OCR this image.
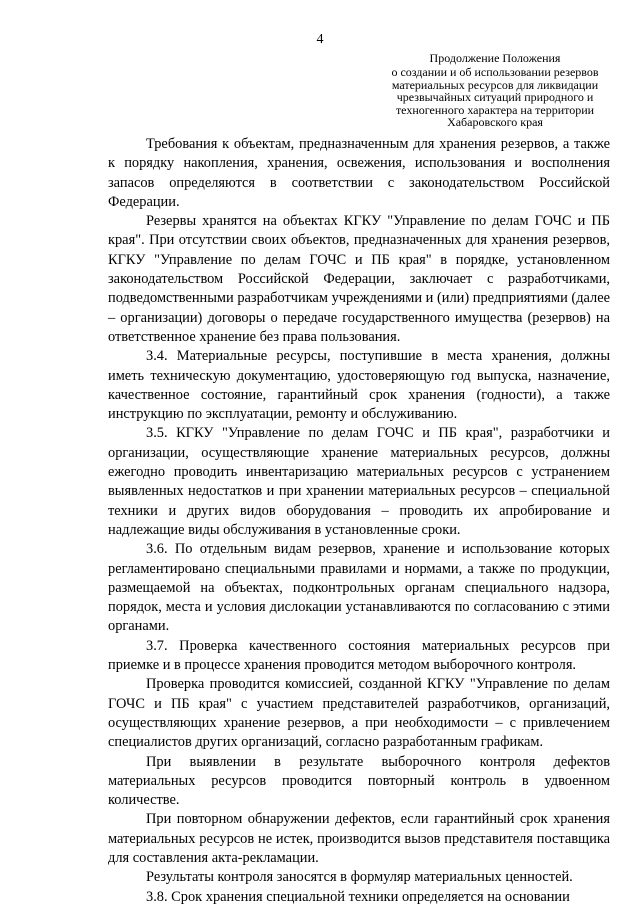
4
Продолжение Положения
о создании и об использовании резервов
материальных ресурсов для ликвидации
чрезвычайных ситуаций природного и
техногенного характера на территории
Хабаровского края

Требования к объектам, предназначенным для хранения резервов, а также к порядку накопления, хранения, освежения, использования и восполнения запасов определяются в соответствии с законодательством Российской Федерации.

Резервы хранятся на объектах КГКУ "Управление по делам ГОЧС и ПБ края". При отсутствии своих объектов, предназначенных для хранения резервов, КГКУ "Управление по делам ГОЧС и ПБ края" в порядке, установленном законодательством Российской Федерации, заключает с разработчиками, подведомственными разработчикам учреждениями и (или) предприятиями (далее – организации) договоры о передаче государственного имущества (резервов) на ответственное хранение без права пользования.

3.4. Материальные ресурсы, поступившие в места хранения, должны иметь техническую документацию, удостоверяющую год выпуска, назначение, качественное состояние, гарантийный срок хранения (годности), а также инструкцию по эксплуатации, ремонту и обслуживанию.

3.5. КГКУ "Управление по делам ГОЧС и ПБ края", разработчики и организации, осуществляющие хранение материальных ресурсов, должны ежегодно проводить инвентаризацию материальных ресурсов с устранением выявленных недостатков и при хранении материальных ресурсов – специальной техники и других видов оборудования – проводить их апробирование и надлежащие виды обслуживания в установленные сроки.

3.6. По отдельным видам резервов, хранение и использование которых регламентировано специальными правилами и нормами, а также по продукции, размещаемой на объектах, подконтрольных органам специального надзора, порядок, места и условия дислокации устанавливаются по согласованию с этими органами.

3.7. Проверка качественного состояния материальных ресурсов при приемке и в процессе хранения проводится методом выборочного контроля.

Проверка проводится комиссией, созданной КГКУ "Управление по делам ГОЧС и ПБ края" с участием представителей разработчиков, организаций, осуществляющих хранение резервов, а при необходимости – с привлечением специалистов других организаций, согласно разработанным графикам.

При выявлении в результате выборочного контроля дефектов материальных ресурсов проводится повторный контроль в удвоенном количестве.

При повторном обнаружении дефектов, если гарантийный срок хранения материальных ресурсов не истек, производится вызов представителя поставщика для составления акта-рекламации.

Результаты контроля заносятся в формуляр материальных ценностей.

3.8. Срок хранения специальной техники определяется на основании
